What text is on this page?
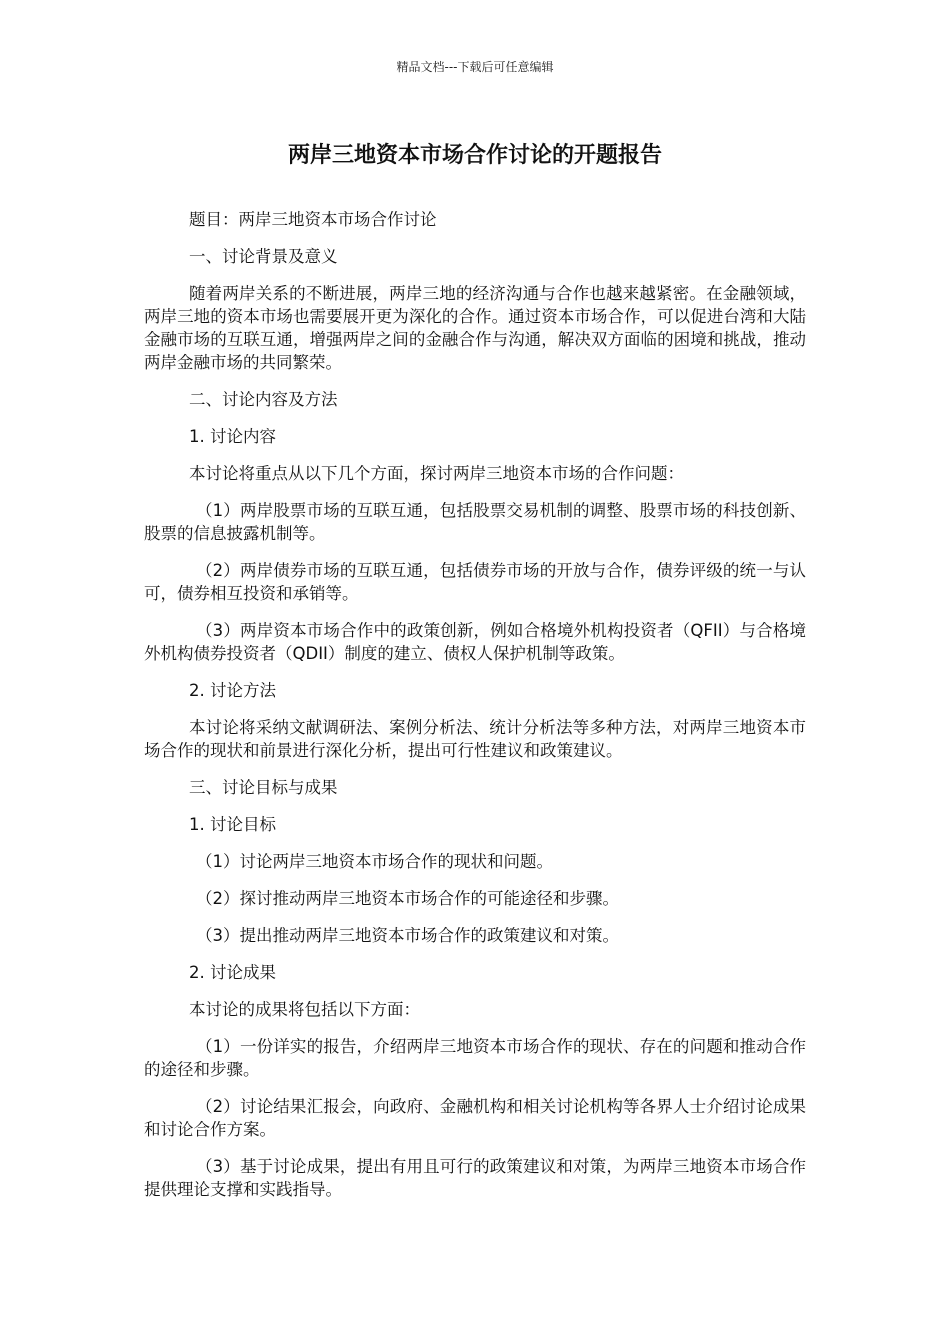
精品文档---下载后可任意编辑
两岸三地资本市场合作讨论的开题报告

题目：两岸三地资本市场合作讨论

一、讨论背景及意义

随着两岸关系的不断进展，两岸三地的经济沟通与合作也越来越紧密。在金融领域，两岸三地的资本市场也需要展开更为深化的合作。通过资本市场合作，可以促进台湾和大陆金融市场的互联互通，增强两岸之间的金融合作与沟通，解决双方面临的困境和挑战，推动两岸金融市场的共同繁荣。

二、讨论内容及方法

1. 讨论内容

本讨论将重点从以下几个方面，探讨两岸三地资本市场的合作问题：

（1）两岸股票市场的互联互通，包括股票交易机制的调整、股票市场的科技创新、股票的信息披露机制等。

（2）两岸债券市场的互联互通，包括债券市场的开放与合作，债券评级的统一与认可，债券相互投资和承销等。

（3）两岸资本市场合作中的政策创新，例如合格境外机构投资者（QFII）与合格境外机构债券投资者（QDII）制度的建立、债权人保护机制等政策。

2. 讨论方法

本讨论将采纳文献调研法、案例分析法、统计分析法等多种方法，对两岸三地资本市场合作的现状和前景进行深化分析，提出可行性建议和政策建议。

三、讨论目标与成果

1. 讨论目标

（1）讨论两岸三地资本市场合作的现状和问题。

（2）探讨推动两岸三地资本市场合作的可能途径和步骤。

（3）提出推动两岸三地资本市场合作的政策建议和对策。

2. 讨论成果

本讨论的成果将包括以下方面：

（1）一份详实的报告，介绍两岸三地资本市场合作的现状、存在的问题和推动合作的途径和步骤。

（2）讨论结果汇报会，向政府、金融机构和相关讨论机构等各界人士介绍讨论成果和讨论合作方案。

（3）基于讨论成果，提出有用且可行的政策建议和对策，为两岸三地资本市场合作提供理论支撑和实践指导。
